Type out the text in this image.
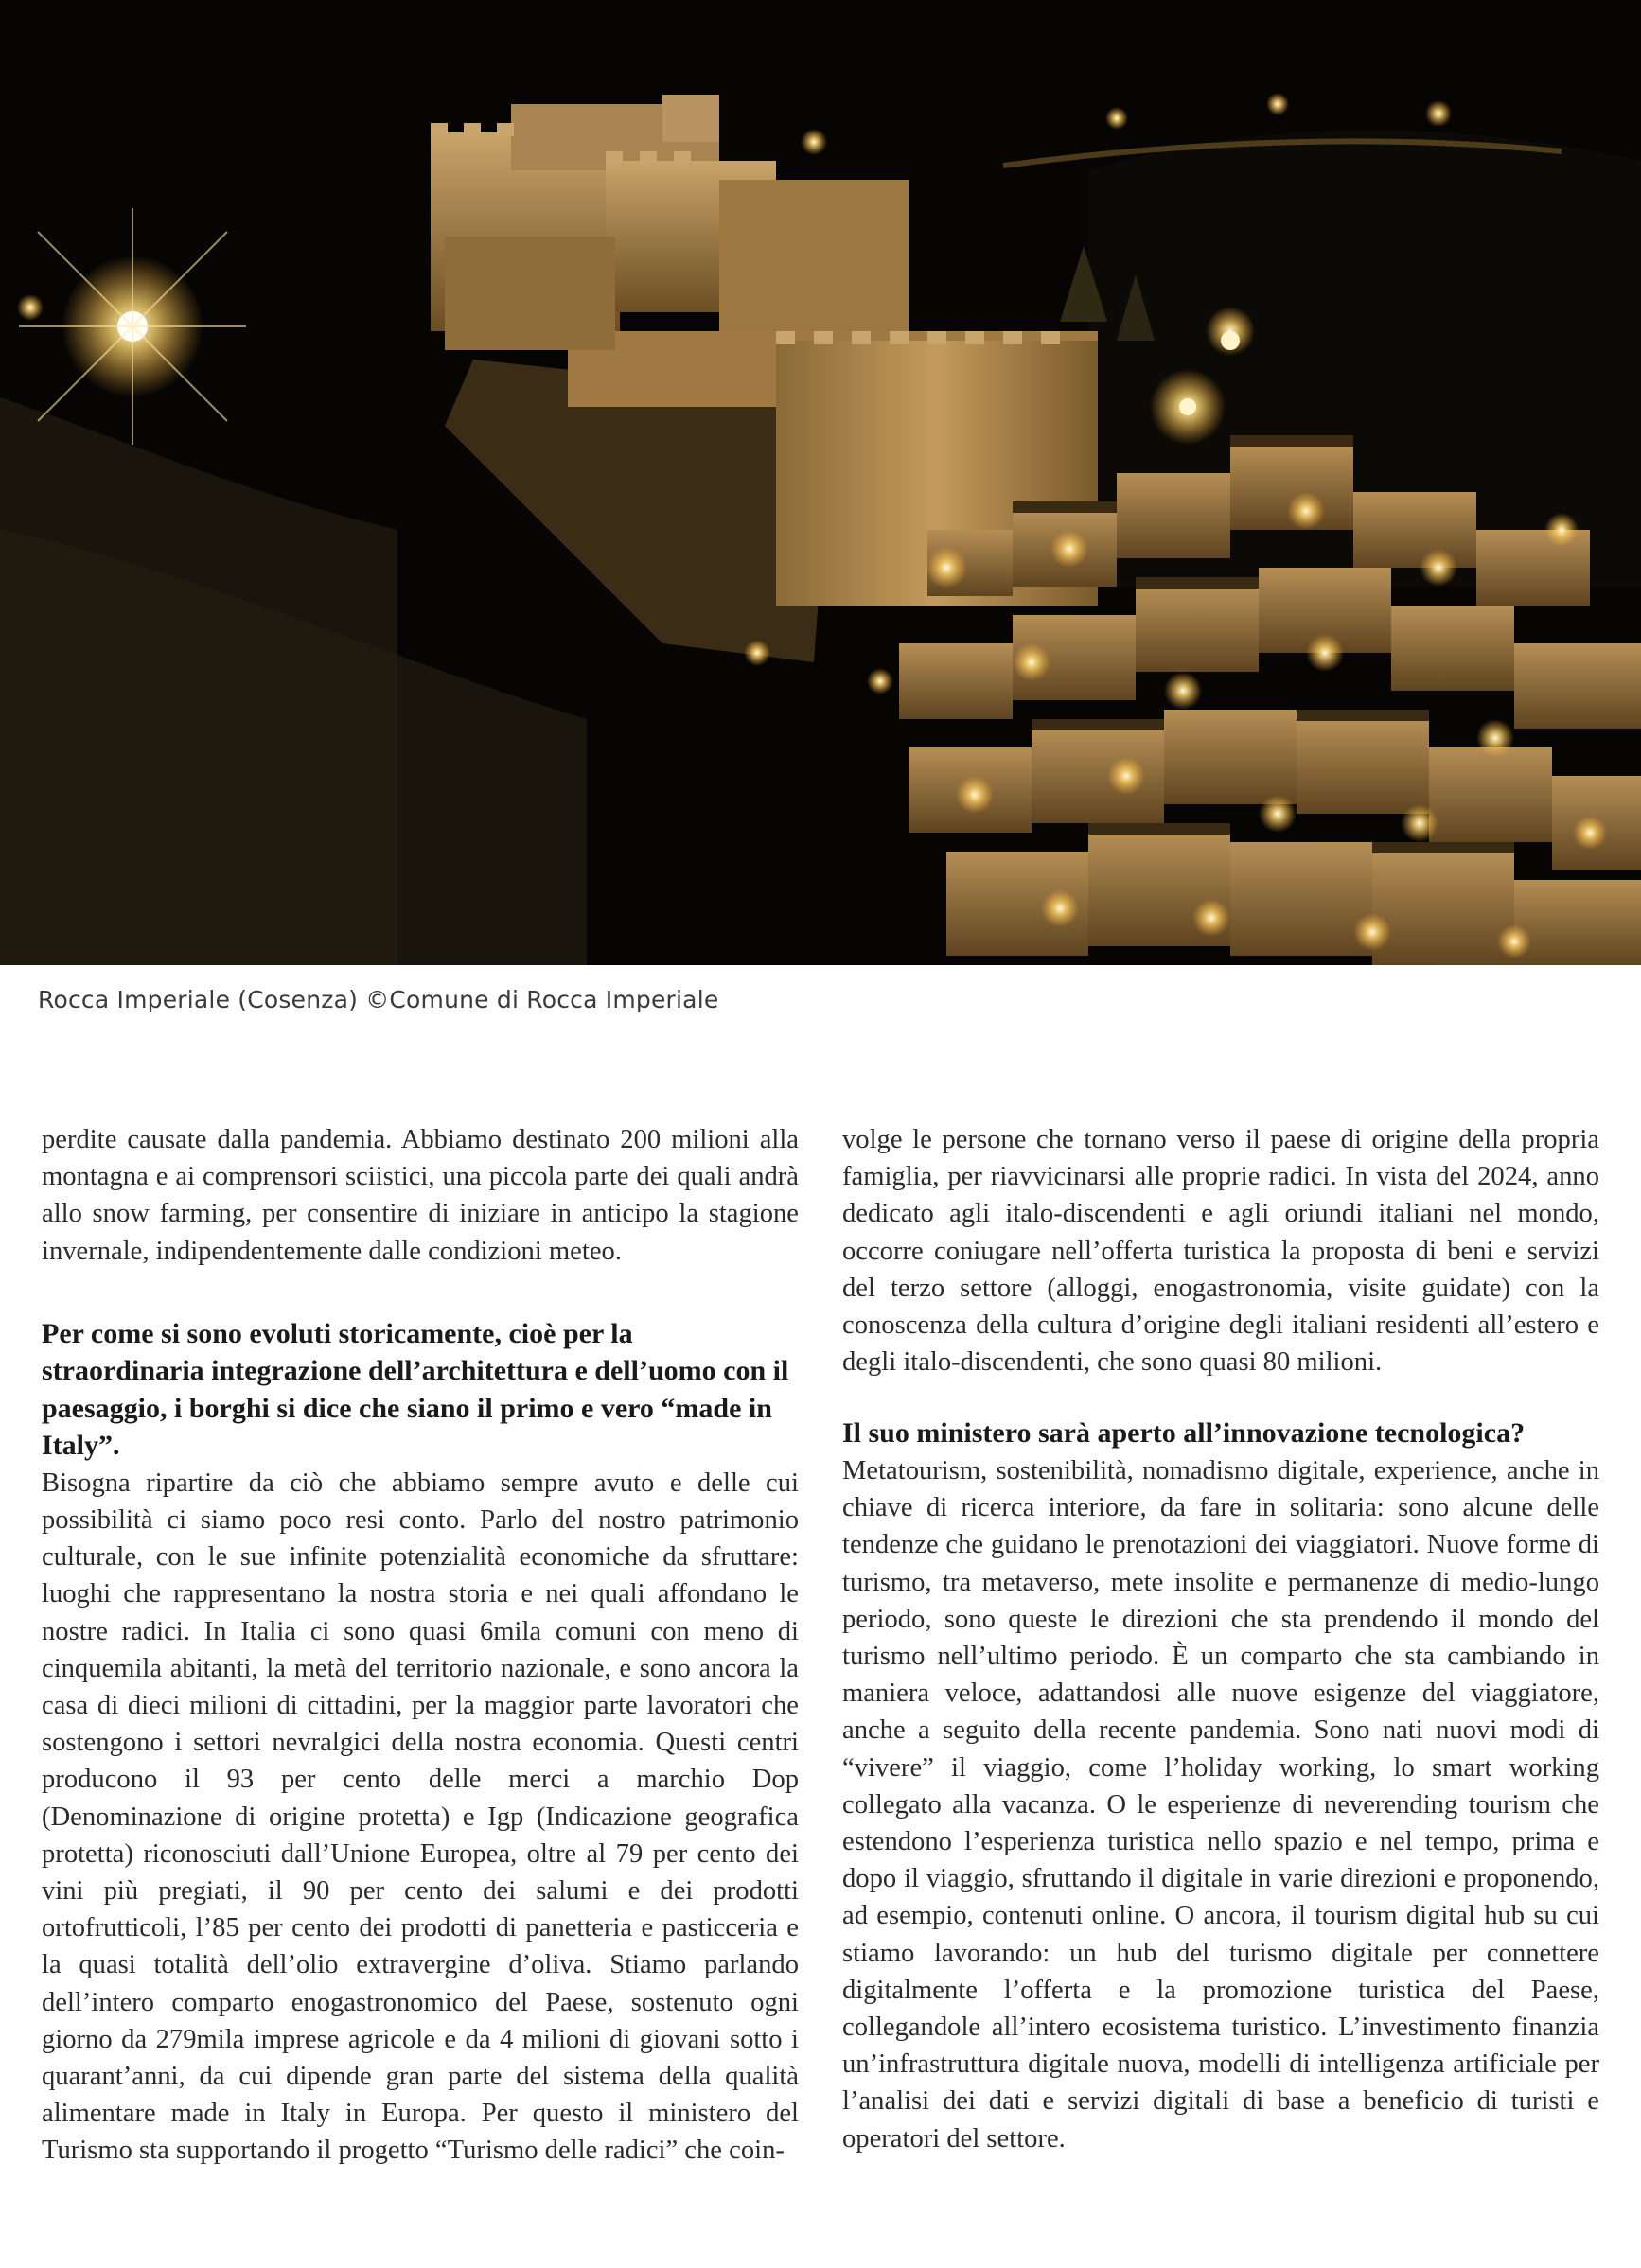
Rocca Imperiale (Cosenza) ©Comune di Rocca Imperiale

perdite causate dalla pandemia. Abbiamo destinato 200 milioni alla montagna e ai comprensori sciistici, una piccola parte dei quali andrà allo snow farming, per consentire di iniziare in anticipo la stagione invernale, indipendentemente dalle condizioni meteo.

Per come si sono evoluti storicamente, cioè per la straordinaria integrazione dell’architettura e dell’uomo con il paesaggio, i borghi si dice che siano il primo e vero “made in Italy”.

Bisogna ripartire da ciò che abbiamo sempre avuto e delle cui possibilità ci siamo poco resi conto. Parlo del nostro patrimonio culturale, con le sue infinite potenzialità economiche da sfruttare: luoghi che rappresentano la nostra storia e nei quali affondano le nostre radici. In Italia ci sono quasi 6mila comuni con meno di cinquemila abitanti, la metà del territorio nazionale, e sono ancora la casa di dieci milioni di cittadini, per la maggior parte lavoratori che sostengono i settori nevralgici della nostra economia. Questi centri producono il 93 per cento delle merci a marchio Dop (Denominazione di origine protetta) e Igp (Indicazione geografica protetta) riconosciuti dall’Unione Europea, oltre al 79 per cento dei vini più pregiati, il 90 per cento dei salumi e dei prodotti ortofrutticoli, l’85 per cento dei prodotti di panetteria e pasticceria e la quasi totalità dell’olio extravergine d’oliva. Stiamo parlando dell’intero comparto enogastronomico del Paese, sostenuto ogni giorno da 279mila imprese agricole e da 4 milioni di giovani sotto i quarant’anni, da cui dipende gran parte del sistema della qualità alimentare made in Italy in Europa. Per questo il ministero del Turismo sta supportando il progetto “Turismo delle radici” che coin-

volge le persone che tornano verso il paese di origine della propria famiglia, per riavvicinarsi alle proprie radici. In vista del 2024, anno dedicato agli italo-discendenti e agli oriundi italiani nel mondo, occorre coniugare nell’offerta turistica la proposta di beni e servizi del terzo settore (alloggi, enogastronomia, visite guidate) con la conoscenza della cultura d’origine degli italiani residenti all’estero e degli italo-discendenti, che sono quasi 80 milioni.

Il suo ministero sarà aperto all’innovazione tecnologica?

Metatourism, sostenibilità, nomadismo digitale, experience, anche in chiave di ricerca interiore, da fare in solitaria: sono alcune delle tendenze che guidano le prenotazioni dei viaggiatori. Nuove forme di turismo, tra metaverso, mete insolite e permanenze di medio-lungo periodo, sono queste le direzioni che sta prendendo il mondo del turismo nell’ultimo periodo. È un comparto che sta cambiando in maniera veloce, adattandosi alle nuove esigenze del viaggiatore, anche a seguito della recente pandemia. Sono nati nuovi modi di “vivere” il viaggio, come l’holiday working, lo smart working collegato alla vacanza. O le esperienze di neverending tourism che estendono l’esperienza turistica nello spazio e nel tempo, prima e dopo il viaggio, sfruttando il digitale in varie direzioni e proponendo, ad esempio, contenuti online. O ancora, il tourism digital hub su cui stiamo lavorando: un hub del turismo digitale per connettere digitalmente l’offerta e la promozione turistica del Paese, collegandole all’intero ecosistema turistico. L’investimento finanzia un’infrastruttura digitale nuova, modelli di intelligenza artificiale per l’analisi dei dati e servizi digitali di base a beneficio di turisti e operatori del settore.
